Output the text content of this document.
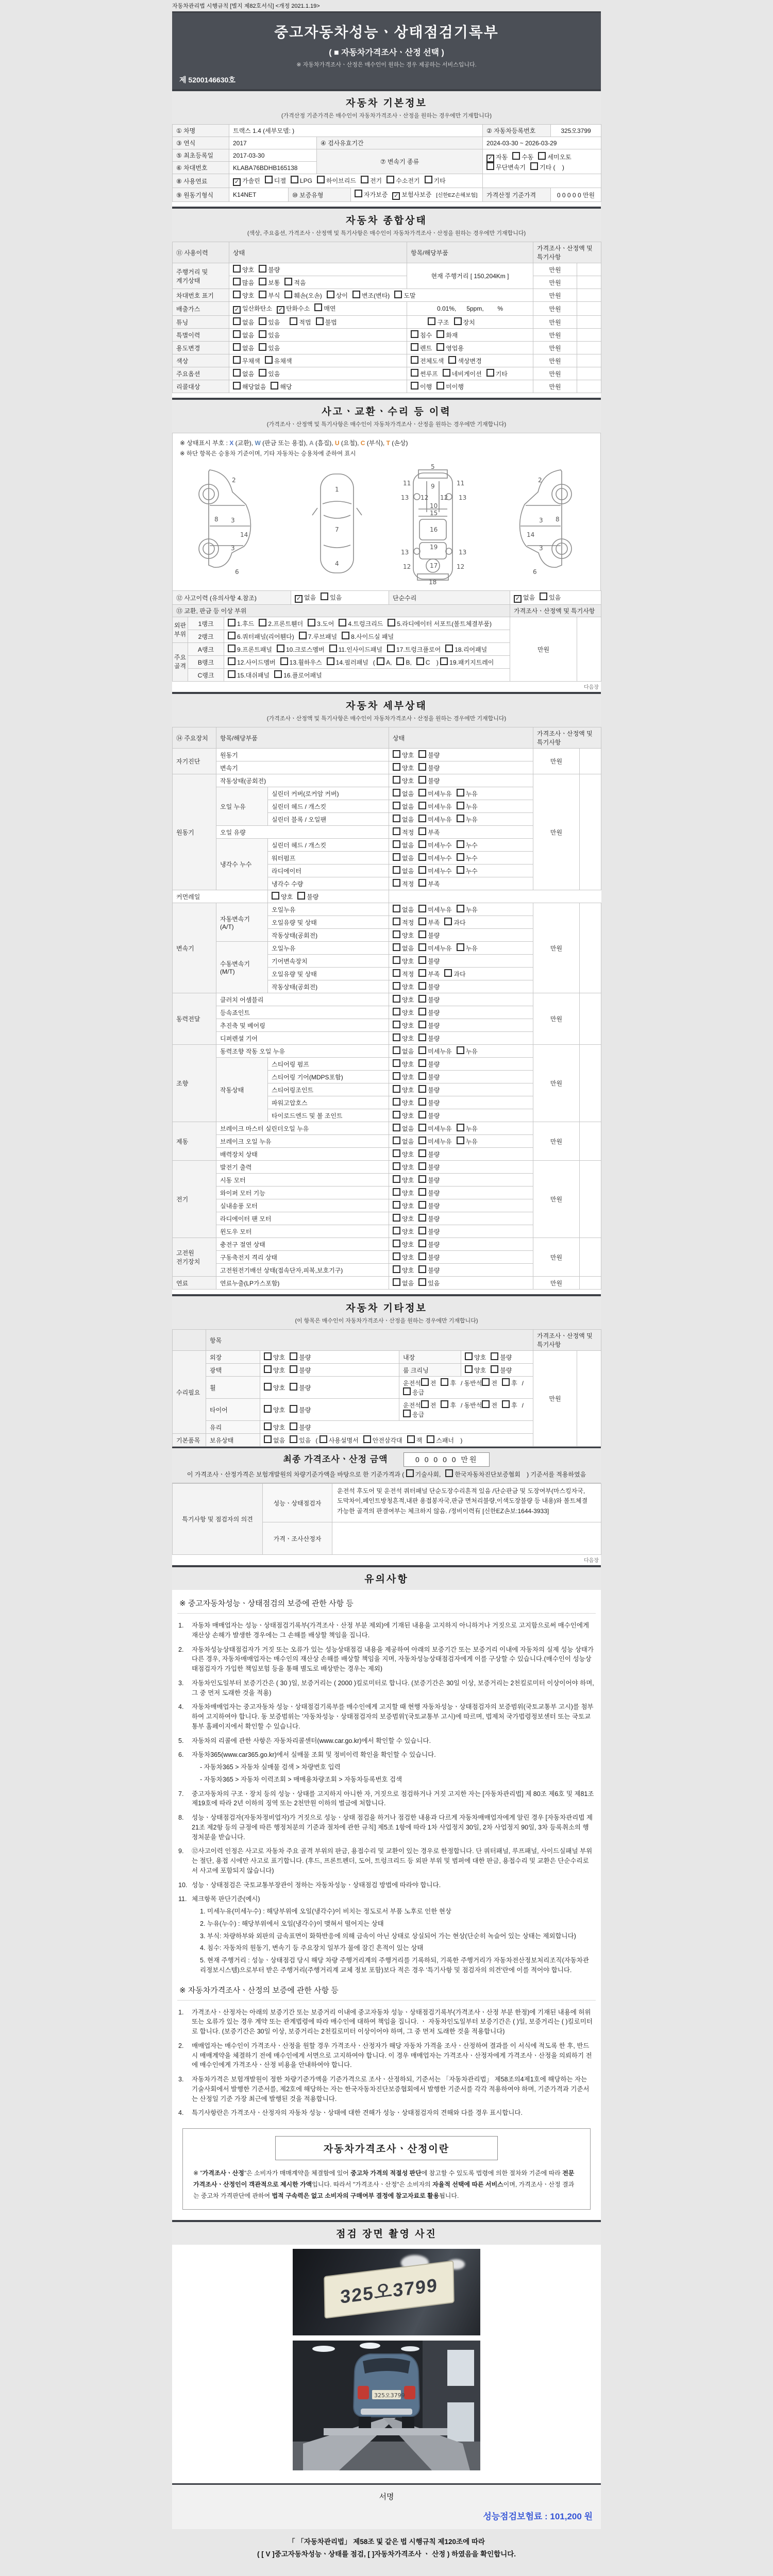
자동차관리법 시행규칙 [별지 제82호서식] <개정 2021.1.19>
중고자동차성능ㆍ상태점검기록부
( ■ 자동차가격조사ㆍ산정 선택 )
※ 자동차가격조사ㆍ산정은 매수인이 원하는 경우 제공하는 서비스입니다.
제 5200146630호
자동차 기본정보
(가격산정 기준가격은 매수인이 자동차가격조사ㆍ산정을 원하는 경우에만 기재합니다)
① 차명	트랙스 1.4 (세부모델: )				② 자동차등록번호	325오3799
③ 연식	2017		④ 검사유효기간		2024-03-30 ~ 2026-03-29	
⑤ 최초등록일	2017-03-30		⑦ 변속기 종류		✓ 자동 수동 세미오토무단변속기 기타 (    )	
⑥ 차대번호	KLABA76BDHB165138					
⑧ 사용연료	✓ 가솔린 디젤 LPG 하이브리드 전기 수소전기 기타					
⑨ 원동기형식	K14NET	⑩ 보증유형		자가보증 ✓ 보험사보증 [신한EZ손해보험]	가격산정 기준가격	0 0 0 0 0 만원
자동차 종합상태
(색상, 주요옵션, 가격조사ㆍ산정액 및 특기사항은 매수인이 자동차가격조사ㆍ산정을 원하는 경우에만 기재합니다)
⑪ 사용이력	상태	항목/해당부품	가격조사ㆍ산정액 및 특기사항	
주행거리 및 계기상태	양호 불량	현재 주행거리 [ 150,204Km ]	만원	
	많음 보통 적음		만원	
차대번호 표기	양호 부식 훼손(오손) 상이 변조(변타) 도말		만원	
배출가스	✓ 일산화탄소 ✓ 탄화수소 매연	0.01%,      5ppm,        %	만원	
튜닝	없음 있음 적법 불법	구조 장치	만원	
특별이력	없음 있음	침수 화재	만원	
용도변경	없음 있음	렌트 영업용	만원	
색상	무채색 유채색	전체도색 색상변경	만원	
주요옵션	없음 있음	썬루프 네비게이션 기타	만원	
리콜대상	해당없음 해당	이행 미이행	만원	
사고ㆍ교환ㆍ수리 등 이력
(가격조사ㆍ산정액 및 특기사항은 매수인이 자동차가격조사ㆍ산정을 원하는 경우에만 기재합니다)
※ 상태표시 부호 : X (교환), W (판금 또는 용접), A (흠집), U (요철), C (부식), T (손상)
※ 하단 항목은 승용차 기준이며, 기타 자동차는 승용차에 준하여 표시
2
8 3
14
3
6
1
7
4
5
9
11	11
13	13
12 12
10
15
16
19
13	13
12	12
17
18
2
8
3
14
3
6
⑫ 사고이력 (유의사항 4.참조)	✓ 없음 있음	단순수리	✓ 없음 있음
⑬ 교환, 판금 등 이상 부위			가격조사ㆍ산정액 및 특기사항	
외판부위	1랭크	1.후드 2.프론트휀더 3.도어 4.트렁크리드 5.라디에이터 서포트(볼트체결부품)	만원	
	2랭크	6.쿼터패널(리어휀다) 7.루브패널 8.사이드실 패널		
주요골격	A랭크	9.프론트패널 10.크로스멤버 11.인사이드패널 17.트렁크플로어 18.리어패널		
	B랭크	12.사이드멤버 13.휠하우스 14.필러패널 ( A, B, C ) 19.패키지트레이		
	C랭크	15.대쉬패널 16.플로어패널		
다음장
자동차 세부상태
(가격조사ㆍ산정액 및 특기사항은 매수인이 자동차가격조사ㆍ산정을 원하는 경우에만 기재합니다)
⑭ 주요장치	항목/해당부품		상태	가격조사ㆍ산정액 및 특기사항	
자기진단	원동기		양호 불량	만원	
	변속기		양호 불량		
원동기	작동상태(공회전)		양호 불량	만원	
	오일 누유	실린더 커버(로커암 커버)	없음 미세누유 누유		
		실린더 헤드 / 개스킷	없음 미세누유 누유		
		실린더 블록 / 오일팬	없음 미세누유 누유		
	오일 유량		적정 부족		
	냉각수 누수	실린더 헤드 / 개스킷	없음 미세누수 누수		
		워터펌프	없음 미세누수 누수		
		라디에이터	없음 미세누수 누수		
		냉각수 수량	적정 부족		
커먼레일		양호 불량			
변속기	자동변속기 (A/T)	오일누유	없음 미세누유 누유	만원	
		오일유량 및 상태	적정 부족 과다		
		작동상태(공회전)	양호 불량		
	수동변속기 (M/T)	오일누유	없음 미세누유 누유		
		기어변속장치	양호 불량		
		오일유량 및 상태	적정 부족 과다		
		작동상태(공회전)	양호 불량		
동력전달	클러치 어셈블리		양호 불량	만원	
	등속죠인트		양호 불량		
	추진축 및 베어링		양호 불량		
	디퍼렌셜 기어		양호 불량		
조향	동력조향 작동 오일 누유		없음 미세누유 누유	만원	
	작동상태	스티어링 펌프	양호 불량		
		스티어링 기어(MDPS포함)	양호 불량		
		스티어링조인트	양호 불량		
		파워고압호스	양호 불량		
		타이로드엔드 및 볼 조인트	양호 불량		
제동	브레이크 마스터 실린더오일 누유		없음 미세누유 누유	만원	
	브레이크 오일 누유		없음 미세누유 누유		
	배력장치 상태		양호 불량		
전기	발전기 출력		양호 불량	만원	
	시동 모터		양호 불량		
	와이퍼 모터 기능		양호 불량		
	실내송풍 모터		양호 불량		
	라디에이터 팬 모터		양호 불량		
	윈도우 모터		양호 불량		
고전원 전기장치	충전구 절연 상태		양호 불량	만원	
	구동축전지 격리 상태		양호 불량		
	고전원전기배선 상태(접속단자,피복,보호기구)		양호 불량		
연료	연료누출(LP가스포함)		없음 있음	만원	
자동차 기타정보
(이 항목은 매수인이 자동차가격조사ㆍ산정을 원하는 경우에만 기재합니다)
	항목				가격조사ㆍ산정액 및 특기사항	
수리필요	외장	양호 불량	내장	양호 불량	만원	
	광택	양호 불량	룸 크리닝	양호 불량		
	휠	양호 불량	운전석 전 후 / 동반석 전 후 /응급			
	타이어	양호 불량	운전석 전 후 / 동반석 전 후 /응급			
	유리	양호 불량				
기본품목	보유상태	없음 있음 ( 사용설명서 안전삼각대 잭 스패너 )				
최종 가격조사ㆍ산정 금액	0 0 0 0 0 만원
이 가격조사ㆍ산정가격은 보험개발원의 차량기준가액을 바탕으로 한 기준가격과 ( 기술사회, 한국자동차진단보증협회 ) 기준서를 적용하였음
특기사항 및 점검자의 의견	성능ㆍ상태점검자	운전석 후도어 및 운전석 쿼터패널 단순도장수리흔적 있음 /단순판금 및 도장여부(마스킹자국,도막차이,페인트방청흔적,내판 용접봉자국,판금 면처리불량,이색도장불량 등 내용)와 볼트체결 가능한 골격의 판결여부는 체크하지 않음. /정비이력有 [신한EZ손보:1644-3933]
	가격ㆍ조사산정자	
다음장
유의사항
※ 중고자동차성능ㆍ상태점검의 보증에 관한 사항 등
1.	자동차 매매업자는 성능ㆍ상태점검기록부(가격조사ㆍ산정 부분 제외)에 기재된 내용을 고지하지 아니하거나 거짓으로 고지함으로써 매수인에게 재산상 손해가 발생한 경우에는 그 손해를 배상할 책임을 집니다.
2.	자동차성능상태점검자가 거짓 또는 오류가 있는 성능상태점검 내용을 제공하여 아래의 보증기간 또는 보증거리 이내에 자동차의 실제 성능 상태가 다른 경우, 자동차매매업자는 매수인의 재산상 손해를 배상할 책임을 지며, 자동차성능상태점검자에게 이를 구상할 수 있습니다.(매수인이 성능상태점검자가 가입한 책임보험 등을 통해 별도로 배상받는 경우는 제외)
3.	자동차인도일부터 보증기간은 ( 30 )일, 보증거리는 ( 2000 )킬로미터로 합니다. (보증기간은 30일 이상, 보증거리는 2천킬로미터 이상이어야 하며, 그 중 먼저 도래한 것을 적용)
4.	자동차매매업자는 중고자동차 성능ㆍ상태점검기록부를 매수인에게 고지할 때 현행 자동차성능ㆍ상태점검자의 보증범위(국토교통부 고시)를 첨부하여 고지하여야 합니다. 동 보증범위는 '자동차성능ㆍ상태점검자의 보증범위'(국토교통부 고시)에 따르며, 법제처 국가법령정보센터 또는 국토교통부 홈페이지에서 확인할 수 있습니다.
5.	자동차의 리콜에 관한 사항은 자동차리콜센터(www.car.go.kr)에서 확인할 수 있습니다.
6.	자동차365(www.car365.go.kr)에서 실매물 조회 및 정비이력 확인을 확인할 수 있습니다.
- 자동차365 > 자동차 실매물 검색 > 차량번호 입력
- 자동차365 > 자동차 이력조회 > 매매용차량조회 > 자동차등록번호 검색
7.	중고자동차의 구조ㆍ장치 등의 성능ㆍ상태를 고지하지 아니한 자, 거짓으로 점검하거나 거짓 고지한 자는 [자동차관리법] 제 80조 제6호 및 제81조 제19호에 따라 2년 이하의 징역 또는 2천만원 이하의 벌금에 처합니다.
8.	성능ㆍ상태점검자(자동차정비업자)가 거짓으로 성능ㆍ상태 점검을 하거나 점검한 내용과 다르게 자동차매매업자에게 알린 경우 [자동차관리법 제21조 제2항 등의 규정에 따른 행정처분의 기준과 절차에 관한 규칙] 제5조 1항에 따라 1차 사업정지 30일, 2차 사업정지 90일, 3차 등록취소의 행정처분을 받습니다.
9.	⑫사고이력 인정은 사고로 자동차 주요 골격 부위의 판금, 용접수리 및 교환이 있는 경우로 한정합니다. 단 쿼터패널, 루프패널, 사이드실패널 부위는 절단, 용접 시에만 사고로 표기합니다. (후드, 프론트펜더, 도어, 트렁크리드 등 외판 부위 및 범퍼에 대한 판금, 용접수리 및 교환은 단순수리로서 사고에 포함되지 않습니다)
10. 성능ㆍ상태점검은 국토교통부장관이 정하는 자동차성능ㆍ상태점검 방법에 따라야 합니다.
11. 체크항목 판단기준(예시)
1. 미세누유(미세누수) : 해당부위에 오일(냉각수)이 비치는 정도로서 부품 노후로 인한 현상
2. 누유(누수) : 해당부위에서 오일(냉각수)이 맺혀서 떨어지는 상태
3. 부식: 차량하부와 외판의 금속표면이 화학반응에 의해 금속이 아닌 상태로 상실되어 가는 현상(단순히 녹슬어 있는 상태는 제외합니다)
4. 침수: 자동차의 원동기, 변속기 등 주요장치 일부가 물에 잠긴 흔적이 있는 상태
5. 현재 주행거리 : 성능ㆍ상태점검 당시 해당 차량 주행거리계의 주행거리를 기록하되, 기록한 주행거리가 자동차전산정보처리조직(자동차관리정보시스템)으로부터 받은 주행거리(주행거리계 교체 정보 포함)보다 적은 경우 '특기사항 및 점검자의 의견'란에 이를 적어야 합니다.
※ 자동차가격조사ㆍ산정의 보증에 관한 사항 등
1.	가격조사ㆍ산정자는 아래의 보증기간 또는 보증거리 이내에 중고자동차 성능ㆍ상태점검기록부(가격조사ㆍ산정 부분 한정)에 기재된 내용에 허위 또는 오류가 있는 경우 계약 또는 관계법령에 따라 매수인에 대하여 책임을 집니다. ㆍ 자동차인도일부터 보증기간은 ( )일, 보증거리는 ( )킬로미터로 합니다. (보증기간은 30일 이상, 보증거리는 2천킬로미터 이상이어야 하며, 그 중 먼저 도래한 것을 적용합니다)
2.	매매업자는 매수인이 가격조사ㆍ산정을 원할 경우 가격조사ㆍ산정자가 해당 자동차 가격을 조사ㆍ산정하여 결과를 이 서식에 적도록 한 후, 반드시 매매계약을 체결하기 전에 매수인에게 서면으로 고지하여야 합니다. 이 경우 매매업자는 가격조사ㆍ산정자에게 가격조사ㆍ산정을 의뢰하기 전에 매수인에게 가격조사ㆍ산정 비용을 안내하여야 합니다.
3.	자동차가격은 보험개발원이 정한 차량기준가액을 기준가격으로 조사ㆍ산정하되, 기준서는 「자동차관리법」 제58조의4제1호에 해당하는 자는 기술사회에서 발행한 기준서를, 제2호에 해당하는 자는 한국자동차진단보증협회에서 발행한 기준서를 각각 적용하여야 하며, 기준가격과 기준서는 산정일 기준 가장 최근에 발행된 것을 적용합니다.
4.	특기사항란은 가격조사ㆍ산정자의 자동차 성능ㆍ상태에 대한 견해가 성능ㆍ상태점검자의 견해와 다를 경우 표시합니다.
자동차가격조사ㆍ산정이란
※ "가격조사ㆍ산정"은 소비자가 매매계약을 체결함에 있어 중고차 가격의 적절성 판단에 참고할 수 있도록 법령에 의한 절차와 기준에 따라 전문 가격조사ㆍ산정인이 객관적으로 제시한 가액입니다. 따라서 "가격조사ㆍ산정"은 소비자의 자율적 선택에 따른 서비스이며, 가격조사ㆍ산정 결과는 중고차 가격판단에 관하여 법적 구속력은 없고 소비자의 구매여부 결정에 참고자료로 활용됩니다.
점검 장면 촬영 사진
325오3799
325오3799
서명
성능점검보험료 : 101,200 원
「 「자동차관리법」 제58조 및 같은 법 시행규칙 제120조에 따라
( [ V ]중고자동차성능ㆍ상태를 점검, [ ]자동차가격조사 ㆍ 산정 ) 하였음을 확인합니다.
